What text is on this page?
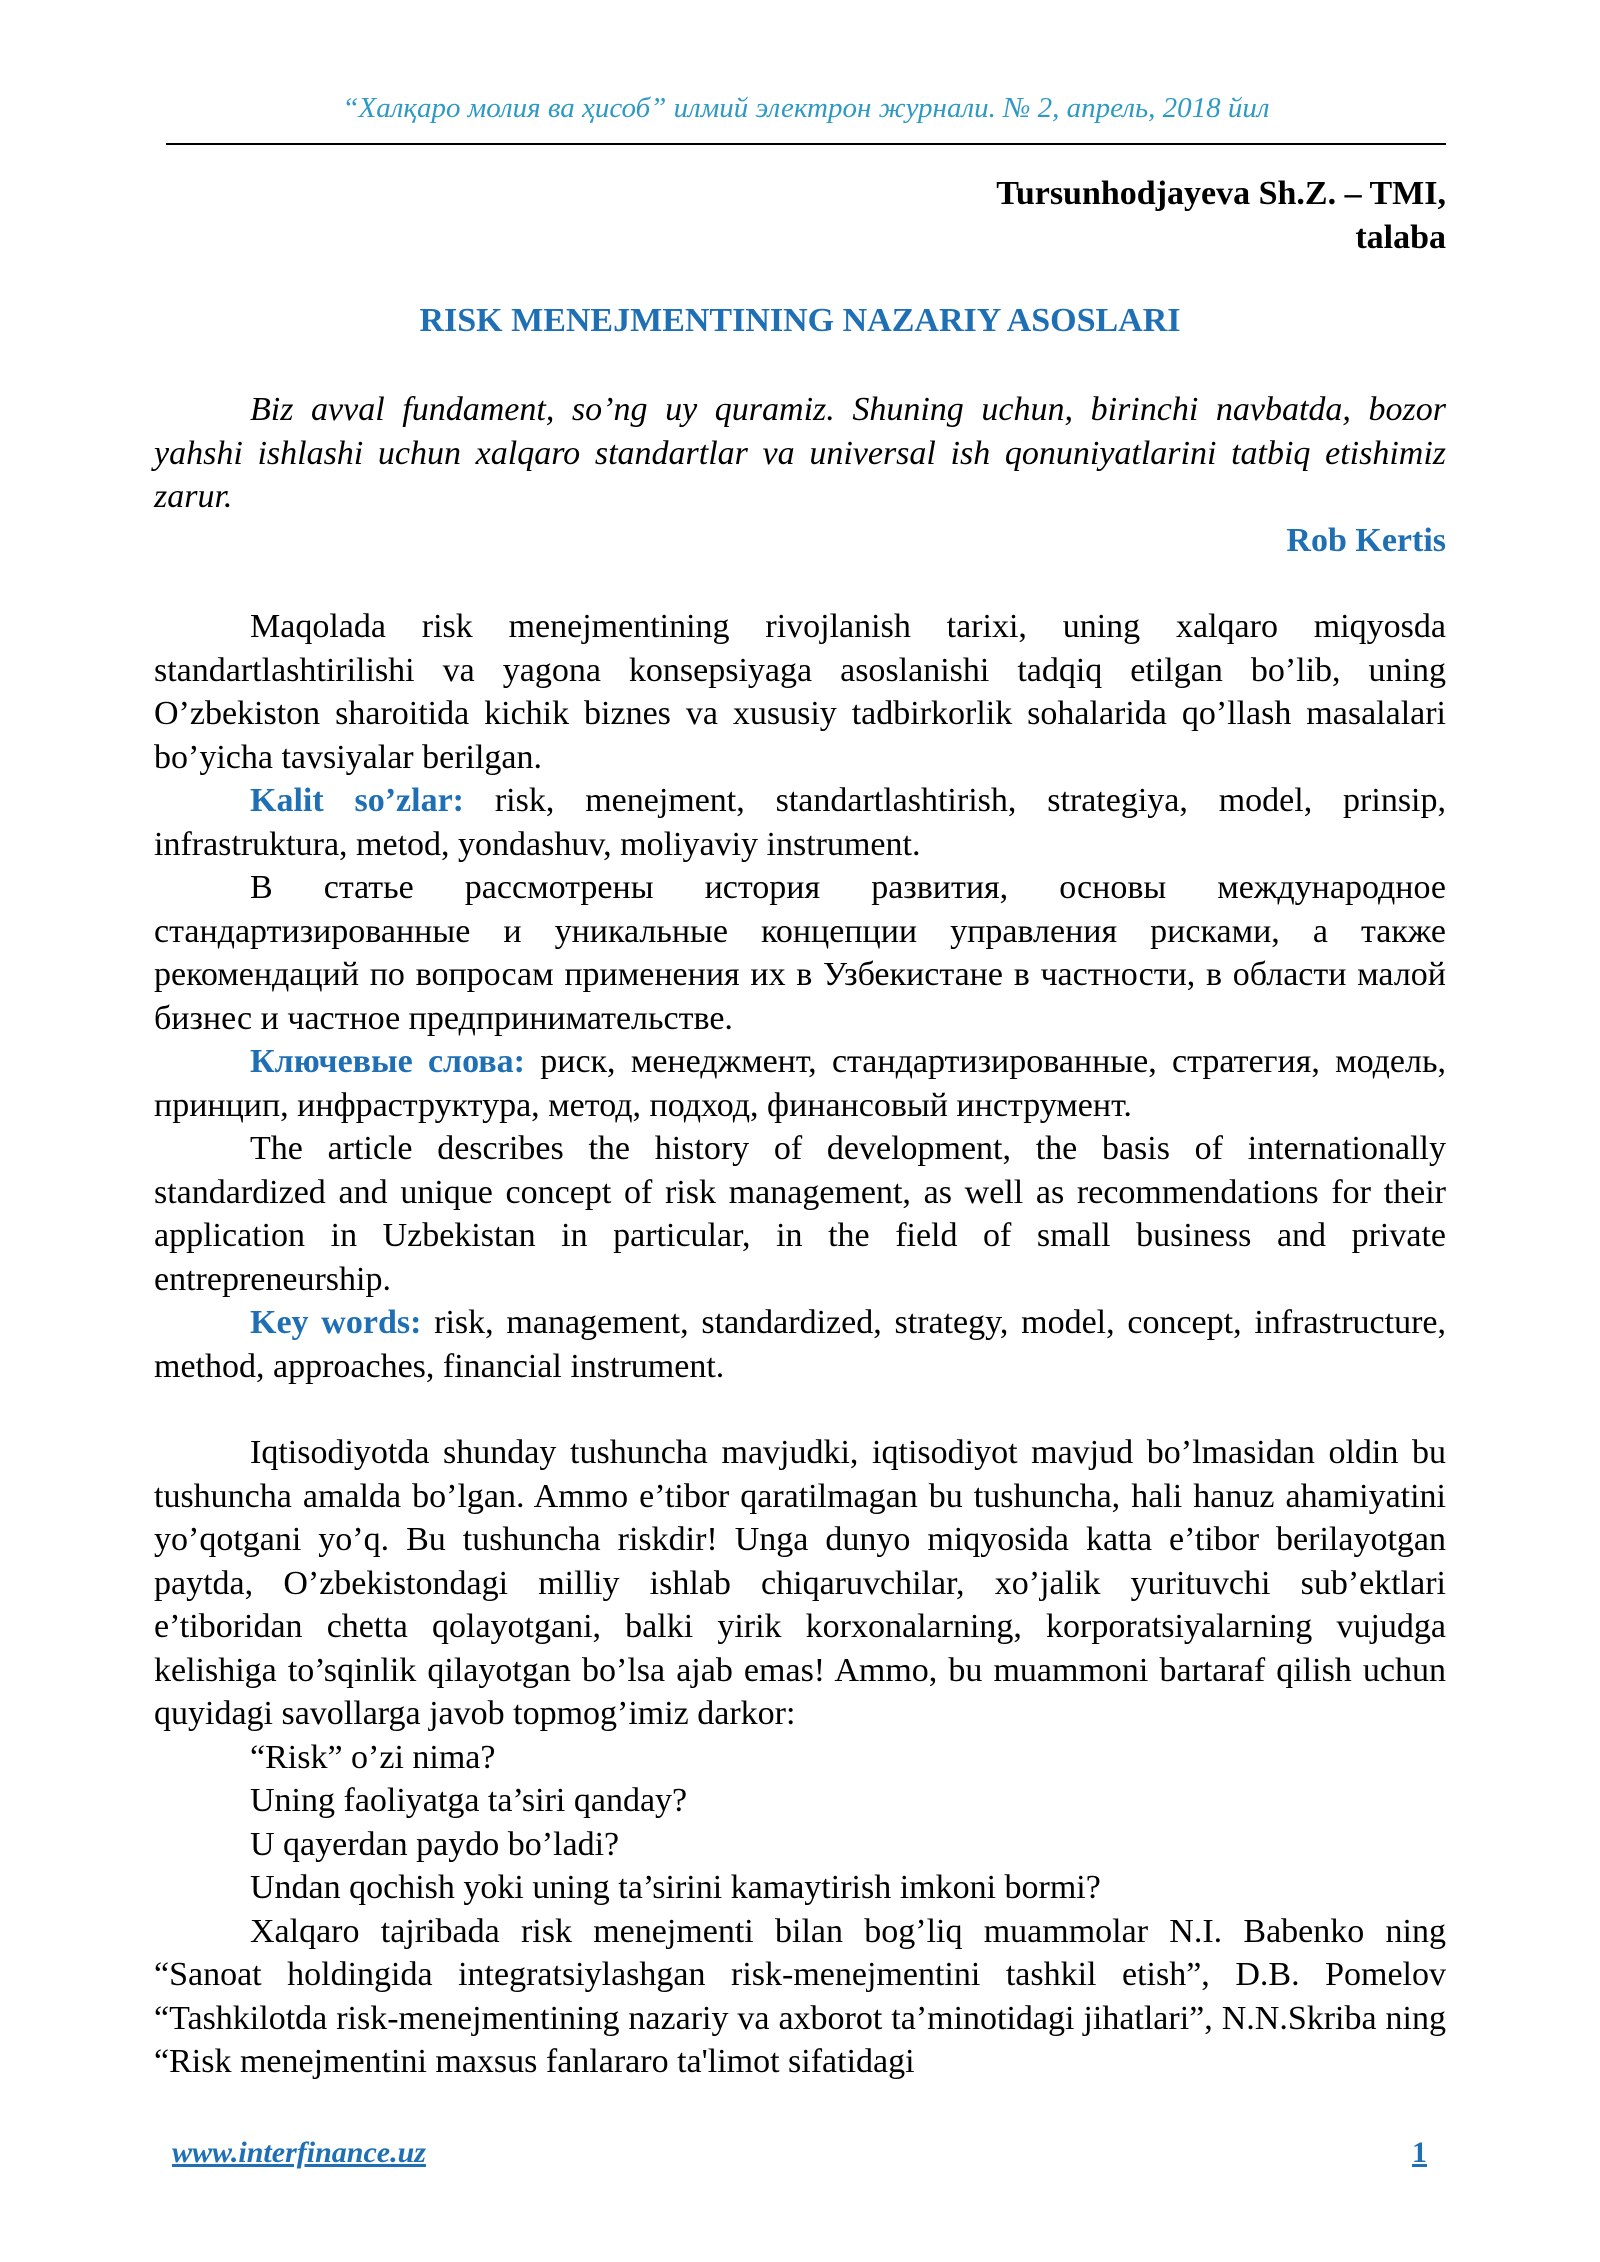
“Халқаро молия ва ҳисоб” илмий электрон журнали. № 2, апрель, 2018 йил
Tursunhodjayeva Sh.Z. – TMI,
talaba
RISK MENEJMENTINING NAZARIY ASOSLARI

Biz avval fundament, so’ng uy quramiz. Shuning uchun, birinchi navbatda, bozor yahshi ishlashi uchun xalqaro standartlar va universal ish qonuniyatlarini tatbiq etishimiz zarur.

Rob Kertis

Maqolada risk menejmentining rivojlanish tarixi, uning xalqaro miqyosda standartlashtirilishi va yagona konsepsiyaga asoslanishi tadqiq etilgan bo’lib, uning O’zbekiston sharoitida kichik biznes va xususiy tadbirkorlik sohalarida qo’llash masalalari bo’yicha tavsiyalar berilgan.

Kalit so’zlar: risk, menejment, standartlashtirish, strategiya, model, prinsip, infrastruktura, metod, yondashuv, moliyaviy instrument.

В статье рассмотрены история развития, основы международное стандартизированные и уникальные концепции управления рисками, а также рекомендаций по вопросам применения их в Узбекистане в частности, в области малой бизнес и частное предпринимательстве.

Ключевые слова: риск, менеджмент, стандартизированные, стратегия, модель, принцип, инфраструктура, метод, подход, финансовый инструмент.

The article describes the history of development, the basis of internationally standardized and unique concept of risk management, as well as recommendations for their application in Uzbekistan in particular, in the field of small business and private entrepreneurship.

Key words: risk, management, standardized, strategy, model, concept, infrastructure, method, approaches, financial instrument.

Iqtisodiyotda shunday tushuncha mavjudki, iqtisodiyot mavjud bo’lmasidan oldin bu tushuncha amalda bo’lgan. Ammo e’tibor qaratilmagan bu tushuncha, hali hanuz ahamiyatini yo’qotgani yo’q. Bu tushuncha riskdir! Unga dunyo miqyosida katta e’tibor berilayotgan paytda, O’zbekistondagi milliy ishlab chiqaruvchilar, xo’jalik yurituvchi sub’ektlari e’tiboridan chetta qolayotgani, balki yirik korxonalarning, korporatsiyalarning vujudga kelishiga to’sqinlik qilayotgan bo’lsa ajab emas! Ammo, bu muammoni bartaraf qilish uchun quyidagi savollarga javob topmog’imiz darkor:

“Risk” o’zi nima?

Uning faoliyatga ta’siri qanday?

U qayerdan paydo bo’ladi?

Undan qochish yoki uning ta’sirini kamaytirish imkoni bormi?

Xalqaro tajribada risk menejmenti bilan bog’liq muammolar N.I. Babenko ning “Sanoat holdingida integratsiylashgan risk-menejmentini tashkil etish”, D.B. Pomelov “Tashkilotda risk-menejmentining nazariy va axborot ta’minotidagi jihatlari”, N.N.Skriba ning “Risk menejmentini maxsus fanlararo ta'limot sifatidagi

www.interfinance.uz	1
